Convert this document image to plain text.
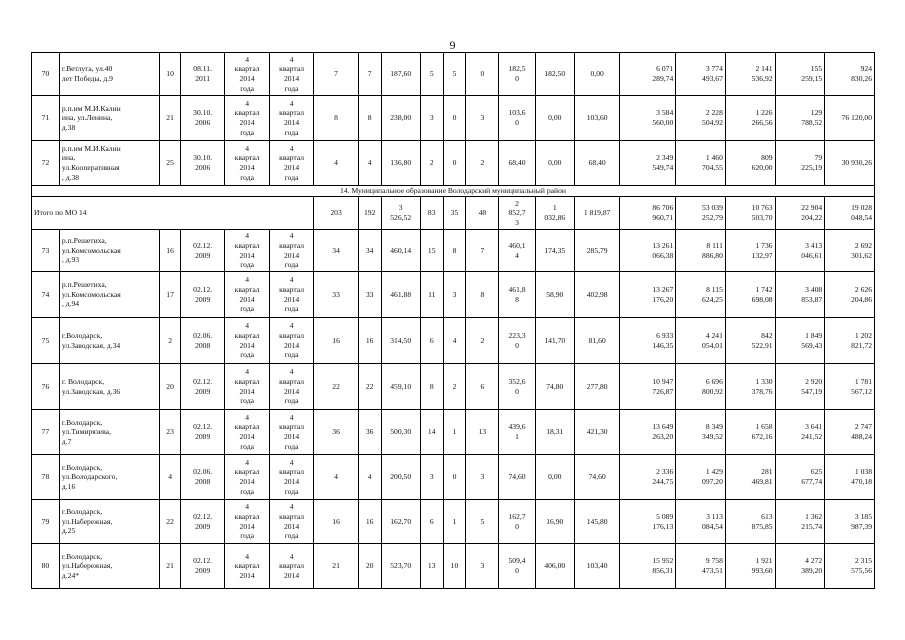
9
70	г.Ветлуга, ул.40
лет Победы, д.9	10	08.11.
2011	4
квартал
2014
года	4
квартал
2014
года	7	7	187,60	5	5	0	182,5
0	182,50	0,00	6 071
289,74	3 774
493,67	2 141
536,92	155
259,15	924
830,26
71	р.п.им М.И.Калин
ина, ул.Ленина,
д.38	21	30.10.
2006	4
квартал
2014
года	4
квартал
2014
года	8	8	238,00	3	0	3	103,6
0	0,00	103,60	3 584
560,00	2 228
504,92	1 226
266,56	129
788,52	76 120,00
72	р.п.им М.И.Калин
ина,
ул.Кооперативная
, д.38	25	30.10.
2006	4
квартал
2014
года	4
квартал
2014
года	4	4	136,80	2	0	2	68,40	0,00	68,40	2 349
549,74	1 460
704,55	809
620,00	79
225,19	30 930,26
14. Муниципальное образование Володарский муниципальный район																			
Итого по МО 14						203	192	3
526,52	83	35	48	2
852,7
3	1
032,86	1 819,87	86 706
960,71	53 039
252,79	10 763
503,70	22 904
204,22	19 028
048,54
73	р.п.Решетиха,
ул.Комсомольская
, д.93	16	02.12.
2009	4
квартал
2014
года	4
квартал
2014
года	34	34	460,14	15	8	7	460,1
4	174,35	285,79	13 261
066,38	8 111
886,80	1 736
132,97	3 413
046,61	2 692
301,62
74	р.п.Решетиха,
ул.Комсомольская
, д.94	17	02.12.
2009	4
квартал
2014
года	4
квартал
2014
года	33	33	461,88	11	3	8	461,8
8	58,90	402,98	13 267
176,20	8 115
624,25	1 742
698,08	3 408
853,87	2 626
204,86
75	г.Володарск,
ул.Заводская, д.34	2	02.06.
2008	4
квартал
2014
года	4
квартал
2014
года	16	16	314,50	6	4	2	223,3
0	141,70	81,60	6 933
146,35	4 241
054,01	842
522,91	1 849
569,43	1 202
821,72
76	г. Володарск,
ул.Заводская, д.36	20	02.12.
2009	4
квартал
2014
года	4
квартал
2014
года	22	22	459,10	8	2	6	352,6
0	74,80	277,80	10 947
726,87	6 696
800,92	1 330
378,76	2 920
547,19	1 781
567,12
77	г.Володарск,
ул.Тимирязева,
д.7	23	02.12.
2009	4
квартал
2014
года	4
квартал
2014
года	36	36	500,30	14	1	13	439,6
1	18,31	421,30	13 649
263,20	8 349
349,52	1 658
672,16	3 641
241,52	2 747
488,24
78	г.Володарск,
ул.Володарского,
д.16	4	02.06.
2008	4
квартал
2014
года	4
квартал
2014
года	4	4	200,50	3	0	3	74,60	0,00	74,60	2 336
244,75	1 429
097,20	281
469,81	625
677,74	1 038
470,18
79	г.Володарск,
ул.Набережная,
д.25	22	02.12.
2009	4
квартал
2014
года	4
квартал
2014
года	16	16	162,70	6	1	5	162,7
0	16,90	145,80	5 089
176,13	3 113
084,54	613
875,85	1 362
215,74	3 185
987,39
80	г.Володарск,
ул.Набережная,
д.24*	21	02.12.
2009	4
квартал
2014	4
квартал
2014	21	20	523,70	13	10	3	509,4
0	406,00	103,40	15 952
856,31	9 758
473,51	1 921
993,60	4 272
389,20	2 315
575,56
